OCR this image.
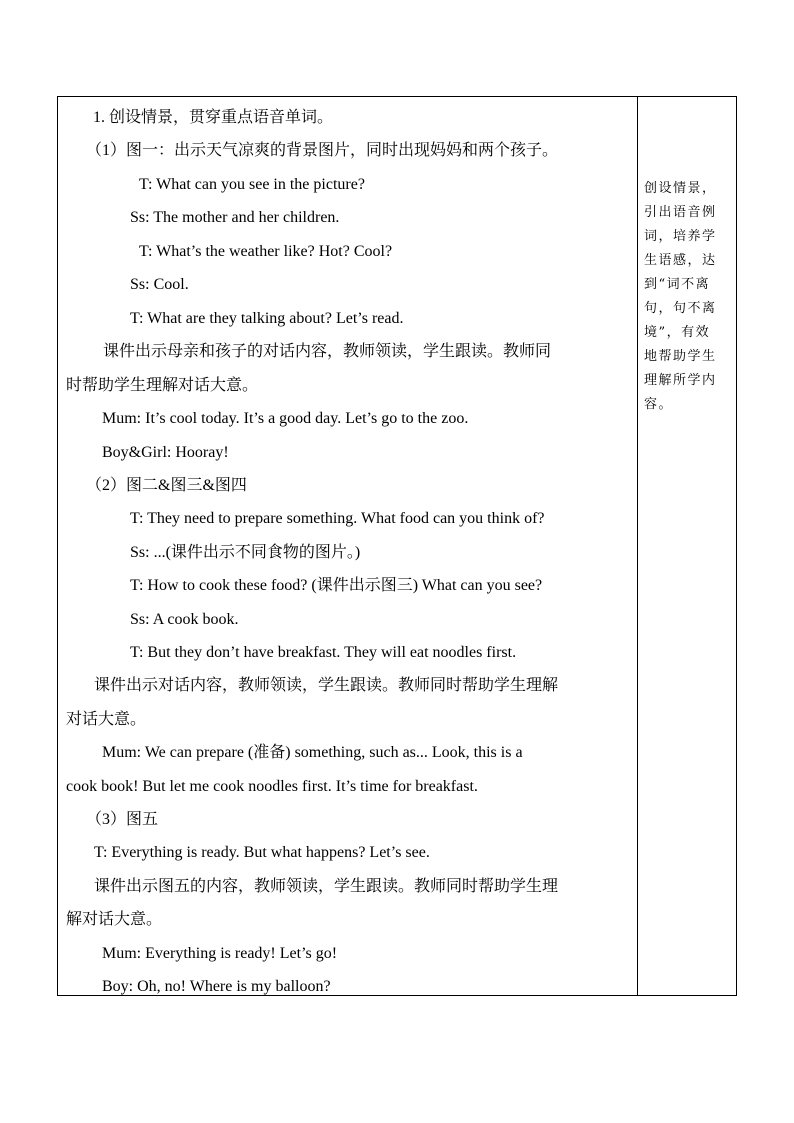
1. 创设情景，贯穿重点语音单词。
（1）图一：出示天气凉爽的背景图片，同时出现妈妈和两个孩子。
T: What can you see in the picture?
Ss: The mother and her children.
T: What’s the weather like? Hot? Cool?
Ss: Cool.
T: What are they talking about? Let’s read.
课件出示母亲和孩子的对话内容，教师领读，学生跟读。教师同
时帮助学生理解对话大意。
Mum: It’s cool today. It’s a good day. Let’s go to the zoo.
Boy&Girl: Hooray!
（2）图二&图三&图四
T: They need to prepare something. What food can you think of?
Ss: ...(课件出示不同食物的图片。)
T: How to cook these food? (课件出示图三) What can you see?
Ss: A cook book.
T: But they don’t have breakfast. They will eat noodles first.
课件出示对话内容，教师领读，学生跟读。教师同时帮助学生理解
对话大意。
Mum: We can prepare (准备) something, such as... Look, this is a
cook book! But let me cook noodles first. It’s time for breakfast.
（3）图五
T: Everything is ready. But what happens? Let’s see.
课件出示图五的内容，教师领读，学生跟读。教师同时帮助学生理
解对话大意。
Mum: Everything is ready! Let’s go!
Boy: Oh, no! Where is my balloon?
创设情景，
引出语音例
词，培养学
生语感，达
到“词不离
句，句不离
境”，有效
地帮助学生
理解所学内
容。
